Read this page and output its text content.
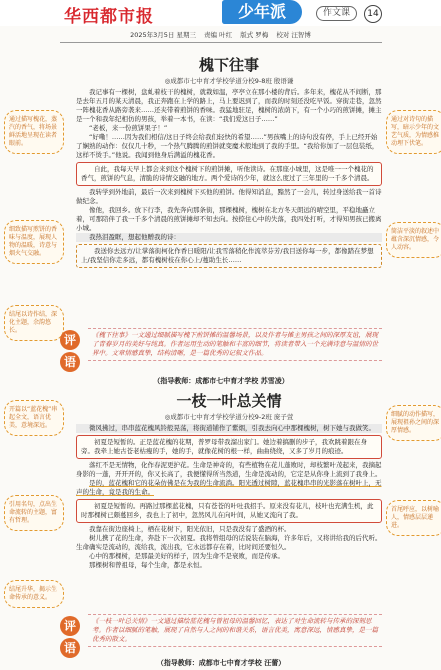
华西都市报	少年派	作文课	14
2025年3月5日 星期三 责编 叶红 版式 罗梅 校对 汪智博
槐下往事
◎成都市七中育才学校学道分校9-8班 殷语谦

我记事有一棵树，盘虬着枝干的槐树，就栽如温，亭亭立在那小楼的背后。多年来，槐花从不间断，那是去年五月的某天清晨，我正奔跑在上学的路上，马上要迟到了，而我的时刻还没吃早饭。穿街走巷，忽然一阵槐花香从路旁袭来……还夹带着煎饼的香味。我猛地驻足，槐树的浓荫下，有一个小巧的煎饼摊，摊主是一个和我年纪相仿的男孩，举着一本书，在读：“我们爱这日子……”

“老板，来一份煎饼果子！”

“好嘞！……因为我们相信/这日子终会给我们轻快的希望……”男孩嘴上的诗句没有停，手上已经开始了娴熟的动作：仅仅几十秒，一个热气腾腾的煎饼就变魔术般地到了我的手里。“我给你加了一层包装纸，这样不烫手。”他说。我闻到他身后满溢的槐花香。

自此，我每天早上都会来到这个槐树下的煎饼摊，听他读诗。在那座小城里，这是唯一一个槐花的香气，煎饼的气息，清脆的诗情交融的地方。两个爱诗的少年，就这么度过了三年里的一千多个清晨。

我转学到外地前，最后一次来到槐树下买他的煎饼。他得知消息，黯然了一会儿，转过身送给我一首诗做纪念。

像他，我回乡。放下行李，我先奔向那条街，那棵槐树，槐树在北方冬天朗远的晴空里，平稳地矗立着，可那陪伴了我一千多个清晨的煎饼摊却不知去向。按捺住心中的失落，我四处打听，才得知男孩已搬离小城。

我热泪盈眶，想起他赠我的诗：

我送你去远方/让掌落街柯化作香日暖阳/让我雪落稍化作流萃芬芳/我目送你每一步，都像踏在梦想上/我坚信你走多远，都有槐树枝在你心上/蔓助生长……

通过描写槐花，蒸汽的香气，将场景鲜活地呈现在读者眼前。
通过对诗句的描写，暗示少年的文艺气质，为情感推动埋下伏笔。
细致描写煎饼的香味与温度，展现人物的温暖，诗意与烟火气交融。
简洁平淡的叙述中蕴含深沉情感，令人动容。
结尾以诗作结，深化主题，余韵悠长。
评
语
《槐下往事》一文通过细腻描写槐下煎饼摊的温馨场景，以及作者与摊主男孩之间的深厚友谊，展现了青春岁月的美好与纯真。作者运用生动的笔触和丰富的细节，将读者带入一个充满诗意与温情的世界中。文章情感真挚，结构清晰，是一篇优秀的记叙文作品。
（指导教师：成都市七中育才学校 苏雪凌）
一枝一叶总关情
◎成都市七中育才学校学道分校9-2班 庞子萱

微风拂过，串串蓝花槐风铃般晃荡，将街道铺作了紫烟，引我去向心中那棵槐树，树下她与我做笑。

初夏是短暂的。正是蓝花槐的花期，普罗母带我溜出家门。她边着搞删的步子，我欢跳着跟在身旁。我牵上她古苍老枯瘦的手，她的手，就像花树的根一样，曲曲绕绕，又多了岁月的痕迹。

落红不是无情物，化作春泥更护花。生命是神奇的，有些植物在花儿蓬败时，却枝繁叶茂起来，我摘起身影的一蓬，开开开的，你又长高了，我便懂得所当然道，生命是流动的，它定是从你身上流到了我身上。

是的，蓝花槐和它的花朵仿佛是在为我的生命流淌。阳光透过树隙，蓝花槐串串的光影落在树叶上，无声的生命，竟是我的生命。

初夏是短暂的。再路过那棵蓝花槐，只有苍苍的叶吐我招手。原来没有花儿，枝叶也充满生机，此时那棵树已颇蔓回乡，我也上了初中，忽然风儿在向叶间，从她叉流向了我。

我靠在街边座椅上，栖在花树下，阳光依旧，只是我没有了盛酒的杯。

树儿携了花的生命，奔赴下一次初夏。我将曾组母的话说装在脑海，许多年后，又将讲给我的后代听。生命确实是流动的，流给我，流出我，它永远都存在着，比时间还要恒久。

心中的那棵树，是那最美好的样子，因为生命不是衰败，而是传承。

那棵树和曾祖母，每个生命，都是永恒。

开篇以“蓝花槐”串起全文，语言优美，意境深远。
细腻的动作描写，展现祖孙之间的深厚情感。
引用名句，点出生命流转的主题，富有哲理。
首尾呼应，以树喻人，情感层层递进。
结尾升华，揭示生命传承的意义。
评
语
《一枝一叶总关情》一文通过描绘蓝花槐与曾祖母的温馨回忆，表达了对生命流转与传承的深刻思考。作者以细腻的笔触，展现了自然与人之间的和谐关系，语言优美，寓意深远，情感真挚，是一篇优秀的散文。
（指导教师：成都市七中育才学校 汪蕾）
